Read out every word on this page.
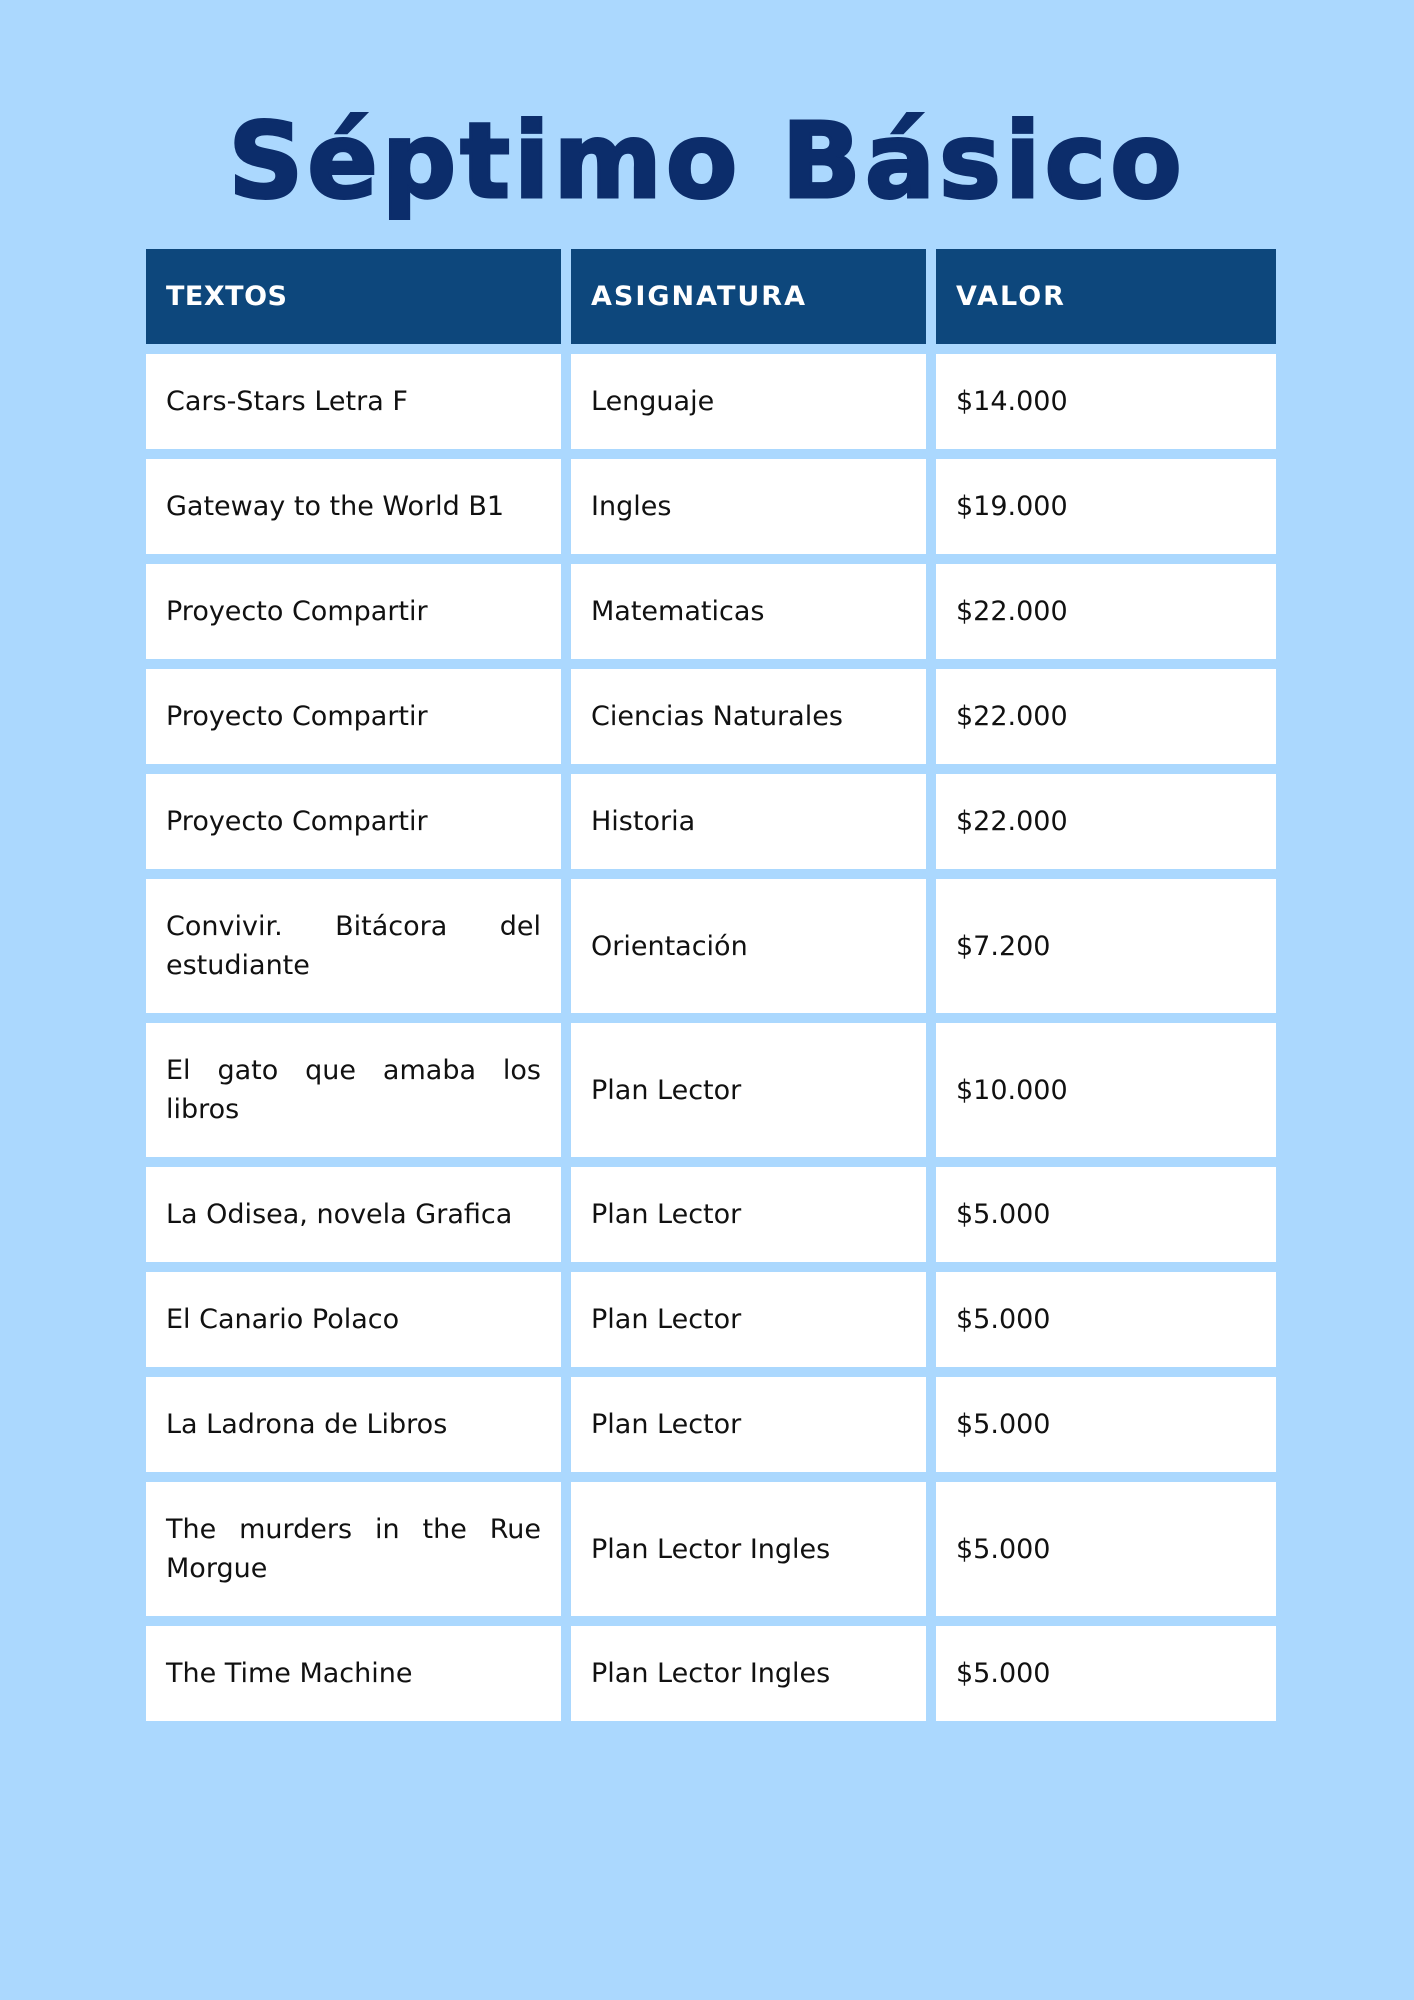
Séptimo Básico
TEXTOS	ASIGNATURA	VALOR
Cars-Stars Letra F	Lenguaje	$14.000
Gateway to the World B1	Ingles	$19.000
Proyecto Compartir	Matematicas	$22.000
Proyecto Compartir	Ciencias Naturales	$22.000
Proyecto Compartir	Historia	$22.000
Convivir. Bitácora del estudiante	Orientación	$7.200
El gato que amaba los libros	Plan Lector	$10.000
La Odisea, novela Grafica	Plan Lector	$5.000
El Canario Polaco	Plan Lector	$5.000
La Ladrona de Libros	Plan Lector	$5.000
The murders in the Rue Morgue	Plan Lector Ingles	$5.000
The Time Machine	Plan Lector Ingles	$5.000
